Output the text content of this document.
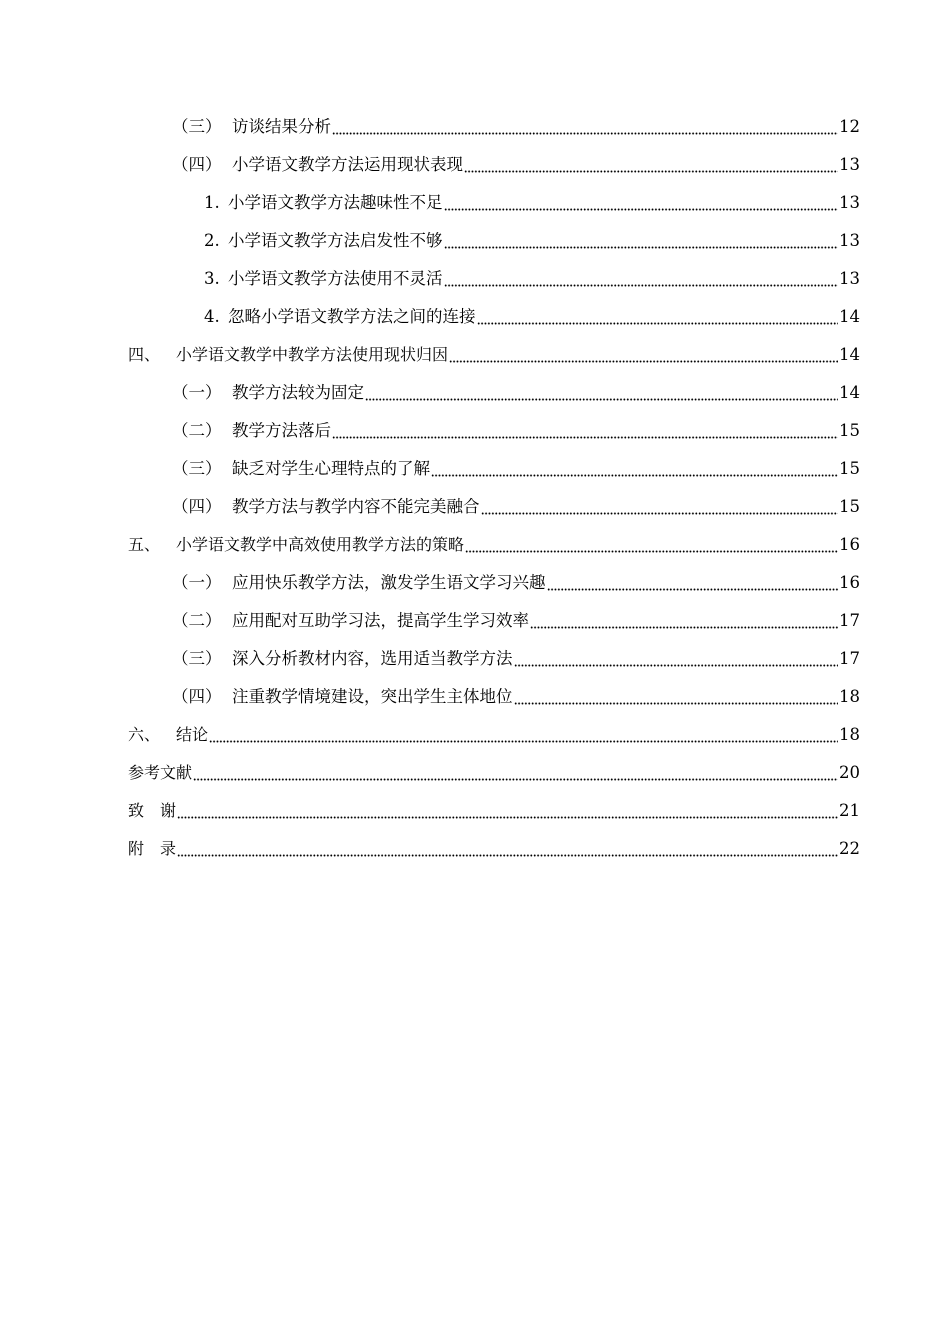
（三） 访谈结果分析	12
（四） 小学语文教学方法运用现状表现	13
1. 小学语文教学方法趣味性不足	13
2. 小学语文教学方法启发性不够	13
3. 小学语文教学方法使用不灵活	13
4. 忽略小学语文教学方法之间的连接	14
四、 小学语文教学中教学方法使用现状归因	14
（一） 教学方法较为固定	14
（二） 教学方法落后	15
（三） 缺乏对学生心理特点的了解	15
（四） 教学方法与教学内容不能完美融合	15
五、 小学语文教学中高效使用教学方法的策略	16
（一） 应用快乐教学方法，激发学生语文学习兴趣	16
（二） 应用配对互助学习法，提高学生学习效率	17
（三） 深入分析教材内容，选用适当教学方法	17
（四） 注重教学情境建设，突出学生主体地位	18
六、 结论	18
参考文献	20
致　谢	21
附　录	22
